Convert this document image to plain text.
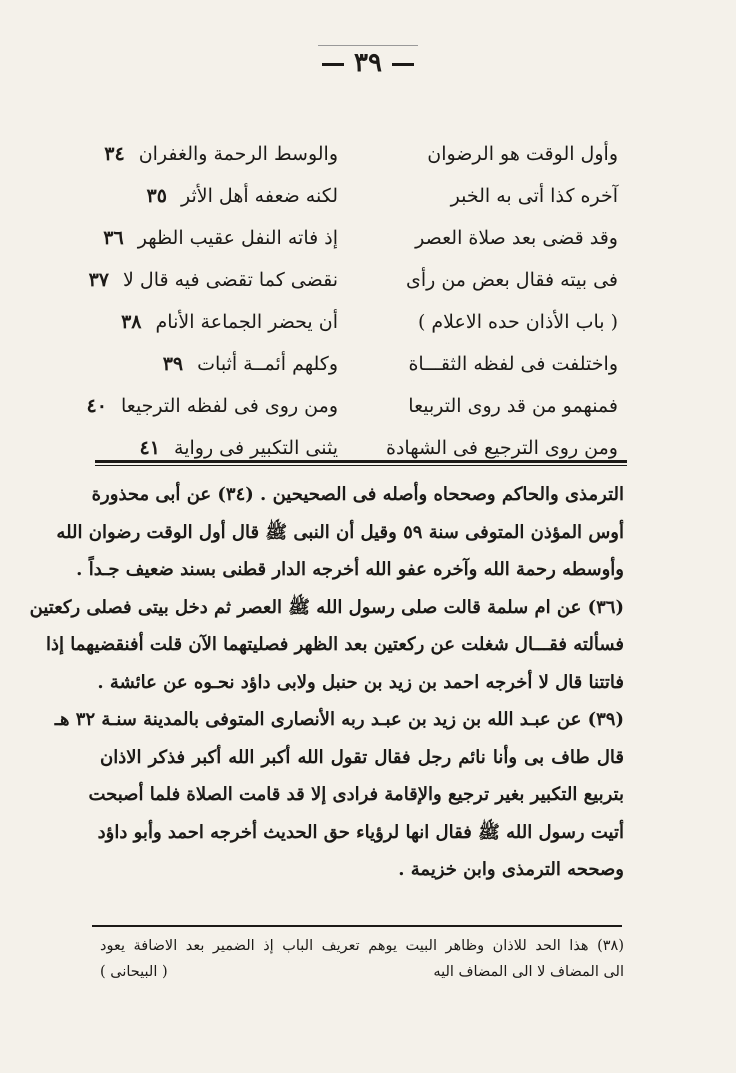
٣٩
وأول الوقت هو الرضوان
والوسط الرحمة والغفران ٣٤
آخره كذا أتى به الخبر
لكنه ضعفه أهل الأثر ٣٥
وقد قضى بعد صلاة العصر
إذ فاته النفل عقيب الظهر ٣٦
فى بيته فقال بعض من رأى
نقضى كما تقضى فيه قال لا ٣٧
( باب الأذان حده الاعلام )
أن يحضر الجماعة الأنام ٣٨
واختلفت فى لفظه الثقـــاة
وكلهم أئمــة أثبات ٣٩
فمنهمو من قد روى التربيعا
ومن روى فى لفظه الترجيعا ٤٠
ومن روى الترجيع فى الشهادة
يثنى التكبير فى رواية ٤١
الترمذى والحاكم وصححاه وأصله فى الصحيحين . (٣٤) عن أبى محذورة
أوس المؤذن المتوفى سنة ٥٩ وقيل أن النبى ﷺ قال أول الوقت رضوان الله
وأوسطه رحمة الله وآخره عفو الله أخرجه الدار قطنى بسند ضعيف جـداً .
(٣٦) عن ام سلمة قالت صلى رسول الله ﷺ العصر ثم دخل بيتى فصلى ركعتين
فسألته فقـــال شغلت عن ركعتين بعد الظهر فصليتهما الآن قلت أفنقضيهما إذا
فاتتنا قال لا أخرجه احمد بن زيد بن حنبل ولابى داؤد نحـوه عن عائشة .
(٣٩) عن عبـد الله بن زيد بن عبـد ربه الأنصارى المتوفى بالمدينة سنـة ٣٢ هـ
قال طاف بى وأنا نائم رجل فقال تقول الله أكبر الله أكبر فذكر الاذان
بتربيع التكبير بغير ترجيع والإقامة فرادى إلا قد قامت الصلاة فلما أصبحت
أتيت رسول الله ﷺ فقال انها لرؤياء حق الحديث أخرجه احمد وأبو داؤد
وصححه الترمذى وابن خزيمة .
(٣٨) هذا الحد للاذان وظاهر البيت يوهم تعريف الباب إذ الضمير بعد الاضافة يعود
الى المضاف لا الى المضاف اليه
( البيحانى )
